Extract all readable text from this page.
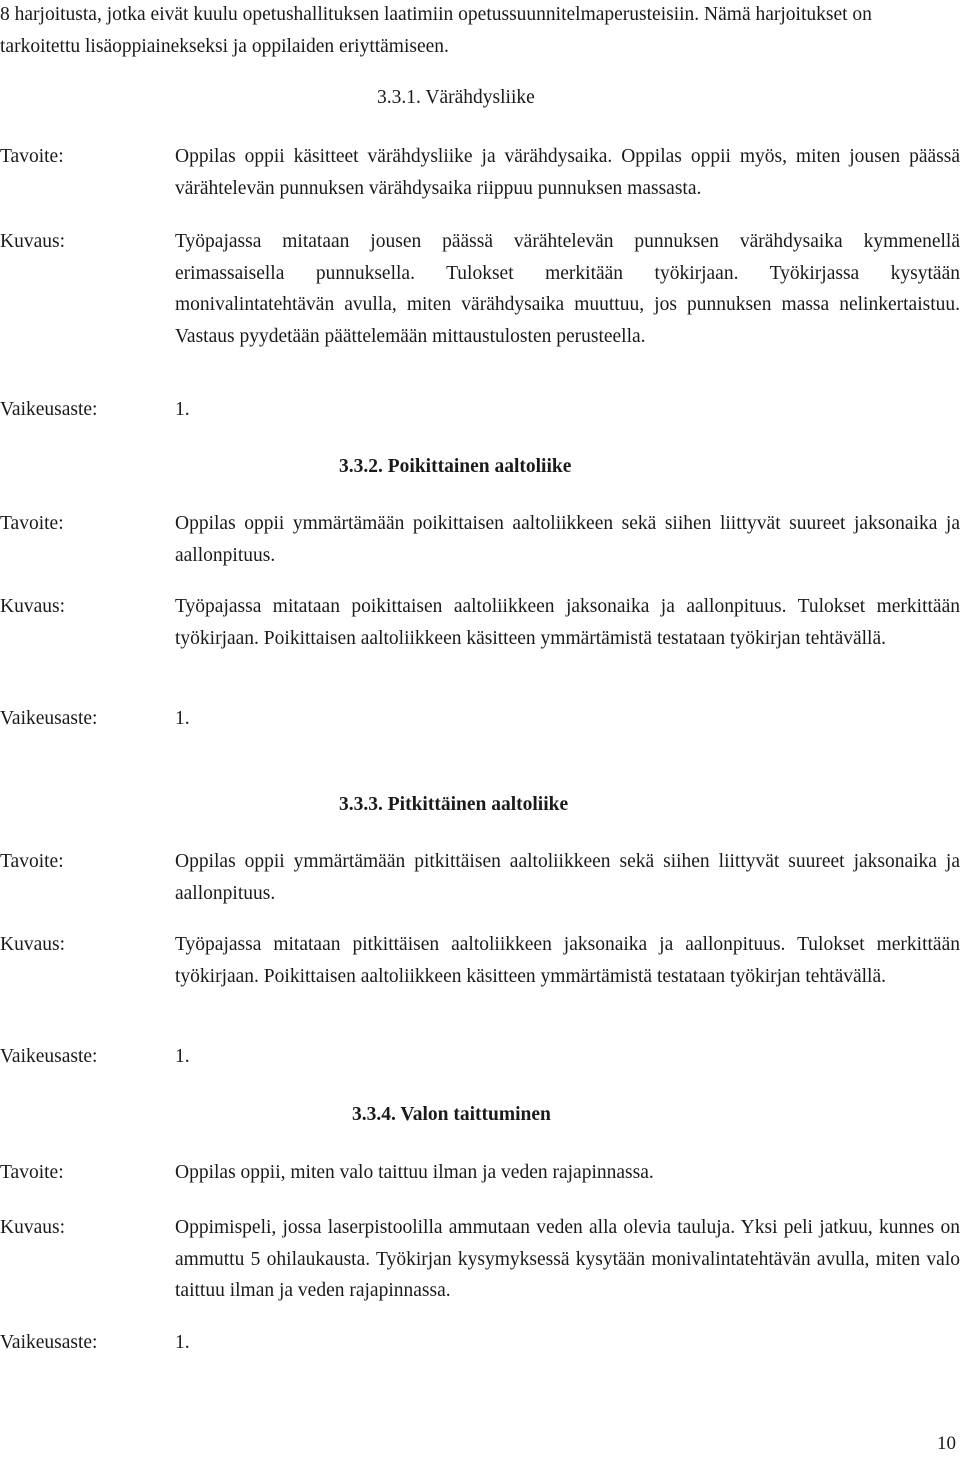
8 harjoitusta, jotka eivät kuulu opetushallituksen laatimiin opetussuunnitelmaperusteisiin. Nämä harjoitukset on tarkoitettu lisäoppiainekseksi ja oppilaiden eriyttämiseen.

3.3.1. Värähdysliike

Tavoite:	Oppilas oppii käsitteet värähdysliike ja värähdysaika. Oppilas oppii myös, miten jousen päässä värähtelevän punnuksen värähdysaika riippuu punnuksen massasta.

Kuvaus:	Työpajassa mitataan jousen päässä värähtelevän punnuksen värähdysaika kymmenellä erimassaisella punnuksella. Tulokset merkitään työkirjaan. Työkirjassa kysytään monivalintatehtävän avulla, miten värähdysaika muuttuu, jos punnuksen massa nelinkertaistuu. Vastaus pyydetään päättelemään mittaustulosten perusteella.

Vaikeusaste:	1.

3.3.2. Poikittainen aaltoliike

Tavoite:	Oppilas oppii ymmärtämään poikittaisen aaltoliikkeen sekä siihen liittyvät suureet jaksonaika ja aallonpituus.

Kuvaus:	Työpajassa mitataan poikittaisen aaltoliikkeen jaksonaika ja aallonpituus. Tulokset merkittään työkirjaan. Poikittaisen aaltoliikkeen käsitteen ymmärtämistä testataan työkirjan tehtävällä.

Vaikeusaste:	1.

3.3.3. Pitkittäinen aaltoliike

Tavoite:	Oppilas oppii ymmärtämään pitkittäisen aaltoliikkeen sekä siihen liittyvät suureet jaksonaika ja aallonpituus.

Kuvaus:	Työpajassa mitataan pitkittäisen aaltoliikkeen jaksonaika ja aallonpituus. Tulokset merkittään työkirjaan. Poikittaisen aaltoliikkeen käsitteen ymmärtämistä testataan työkirjan tehtävällä.

Vaikeusaste:	1.

3.3.4. Valon taittuminen

Tavoite:	Oppilas oppii, miten valo taittuu ilman ja veden rajapinnassa.

Kuvaus:	Oppimispeli, jossa laserpistoolilla ammutaan veden alla olevia tauluja. Yksi peli jatkuu, kunnes on ammuttu 5 ohilaukausta. Työkirjan kysymyksessä kysytään monivalintatehtävän avulla, miten valo taittuu ilman ja veden rajapinnassa.

Vaikeusaste:	1.
10
